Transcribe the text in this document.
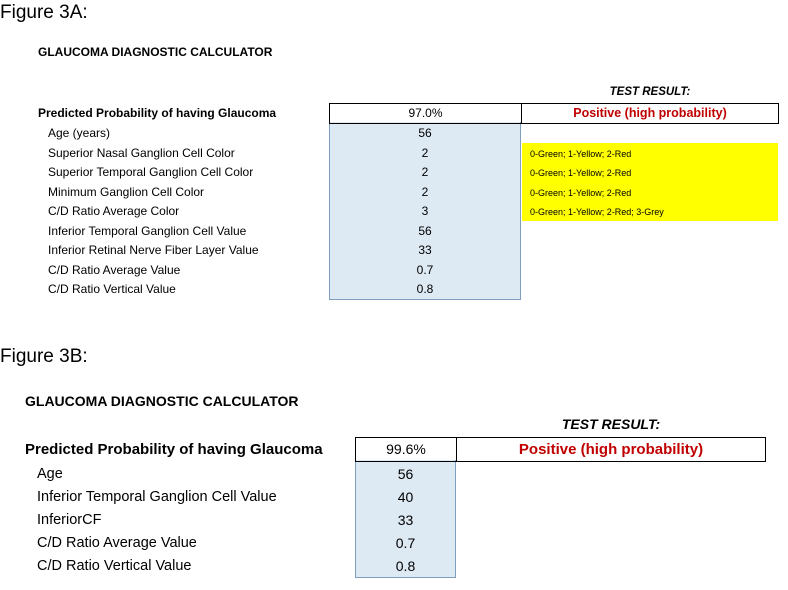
Figure 3A:
GLAUCOMA DIAGNOSTIC CALCULATOR
TEST RESULT:
Predicted Probability of having Glaucoma	97.0%	Positive (high probability)
Age (years)	56
Superior Nasal Ganglion Cell Color	2	0-Green; 1-Yellow; 2-Red
Superior Temporal Ganglion Cell Color	2	0-Green; 1-Yellow; 2-Red
Minimum Ganglion Cell Color	2	0-Green; 1-Yellow; 2-Red
C/D Ratio Average Color	3	0-Green; 1-Yellow; 2-Red; 3-Grey
Inferior Temporal Ganglion Cell Value	56
Inferior Retinal Nerve Fiber Layer Value	33
C/D Ratio Average Value	0.7
C/D Ratio Vertical Value	0.8
Figure 3B:
GLAUCOMA DIAGNOSTIC CALCULATOR
TEST RESULT:
Predicted Probability of having Glaucoma	99.6%	Positive (high probability)
Age	56
Inferior Temporal Ganglion Cell Value	40
InferiorCF	33
C/D Ratio Average Value	0.7
C/D Ratio Vertical Value	0.8
